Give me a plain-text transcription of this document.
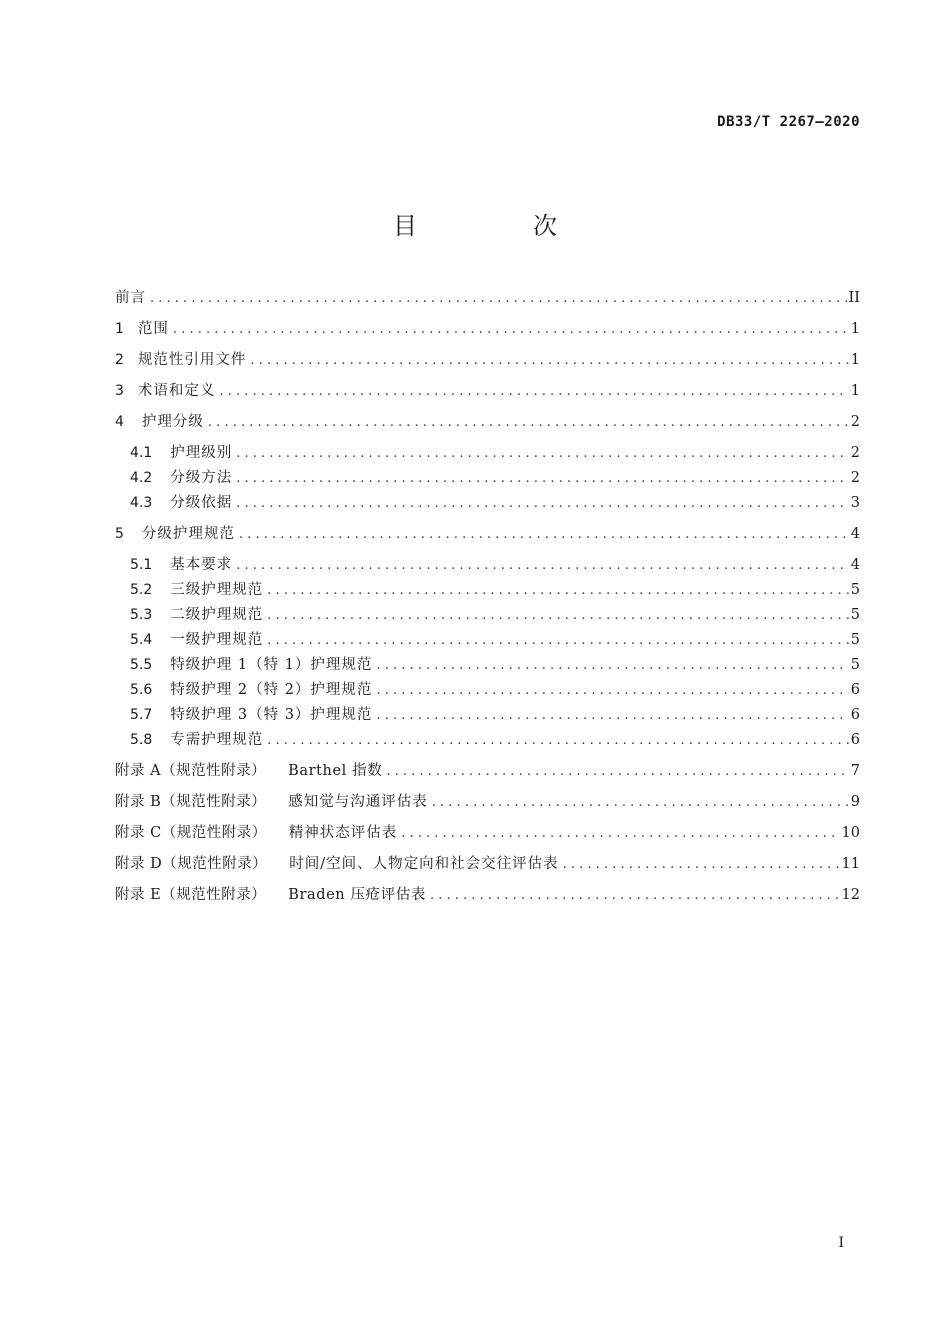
DB33/T 2267—2020
目　次
前言 . . .	II
1 范围 . . .	1
2 规范性引用文件 . . .	1
3 术语和定义 . . .	1
4 护理分级 . . .	2
4.1 护理级别 . . .	2
4.2 分级方法 . . .	2
4.3 分级依据 . . .	3
5 分级护理规范 . . .	4
5.1 基本要求 . . .	4
5.2 三级护理规范 . . .	5
5.3 二级护理规范 . . .	5
5.4 一级护理规范 . . .	5
5.5 特级护理 1（特 1）护理规范 . . .	5
5.6 特级护理 2（特 2）护理规范 . . .	6
5.7 特级护理 3（特 3）护理规范 . . .	6
5.8 专需护理规范 . . .	6
附录 A（规范性附录） Barthel 指数 . . .	7
附录 B（规范性附录） 感知觉与沟通评估表 . . .	9
附录 C（规范性附录） 精神状态评估表 . . .	10
附录 D（规范性附录） 时间/空间、人物定向和社会交往评估表 . . .	11
附录 E（规范性附录） Braden 压疮评估表 . . .	12
I
